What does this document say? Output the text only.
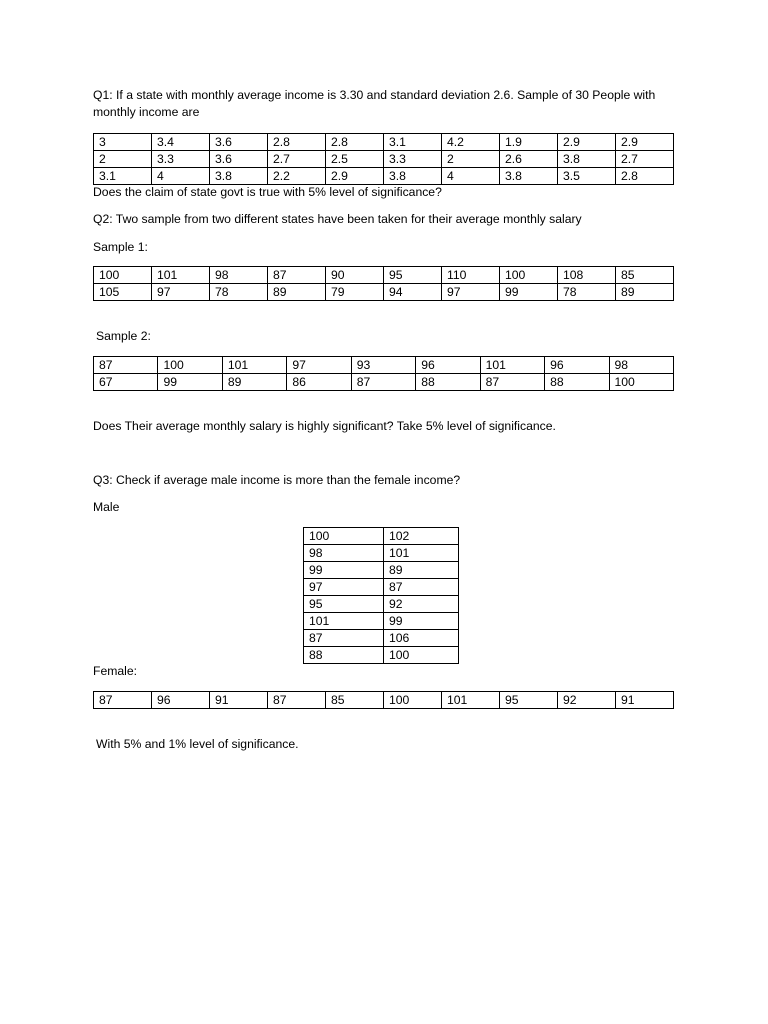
Q1: If a state with monthly average income is 3.30 and standard deviation 2.6. Sample of 30 People with monthly income are

3	3.4	3.6	2.8	2.8	3.1	4.2	1.9	2.9	2.9
2	3.3	3.6	2.7	2.5	3.3	2	2.6	3.8	2.7
3.1	4	3.8	2.2	2.9	3.8	4	3.8	3.5	2.8

Does the claim of state govt is true with 5% level of significance?

Q2: Two sample from two different states have been taken for their average monthly salary

Sample 1:

100	101	98	87	90	95	110	100	108	85
105	97	78	89	79	94	97	99	78	89

Sample 2:

87	100	101	97	93	96	101	96	98
67	99	89	86	87	88	87	88	100

Does Their average monthly salary is highly significant? Take 5% level of significance.

Q3: Check if average male income is more than the female income?

Male

100	102
98	101
99	89
97	87
95	92
101	99
87	106
88	100

Female:

87	96	91	87	85	100	101	95	92	91

With 5% and 1% level of significance.
